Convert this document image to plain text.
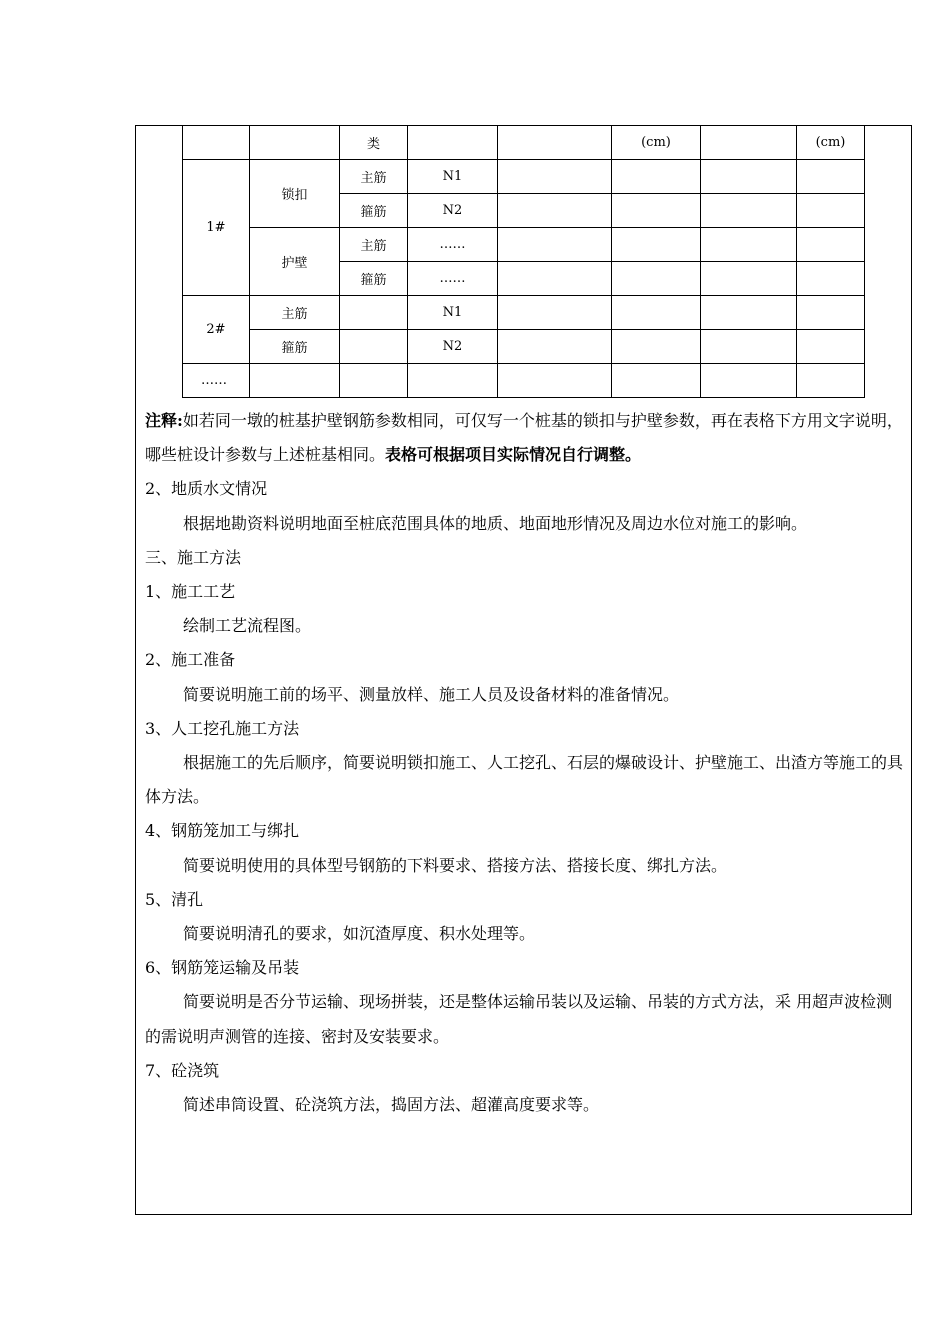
		类			(cm)		(cm)
1#	锁扣	主筋	N1				
		箍筋	N2				
	护壁	主筋	……				
		箍筋	……				
2#	主筋		N1				
	箍筋		N2				
……							

注释:如若同一墩的桩基护壁钢筋参数相同，可仅写一个桩基的锁扣与护壁参数，再在表格下方用文字说明，哪些桩设计参数与上述桩基相同。表格可根据项目实际情况自行调整。

2、地质水文情况

根据地勘资料说明地面至桩底范围具体的地质、地面地形情况及周边水位对施工的影响。

三、施工方法

1、施工工艺

绘制工艺流程图。

2、施工准备

简要说明施工前的场平、测量放样、施工人员及设备材料的准备情况。

3、人工挖孔施工方法

根据施工的先后顺序，简要说明锁扣施工、人工挖孔、石层的爆破设计、护壁施工、出渣方等施工的具体方法。

4、钢筋笼加工与绑扎

简要说明使用的具体型号钢筋的下料要求、搭接方法、搭接长度、绑扎方法。

5、清孔

简要说明清孔的要求，如沉渣厚度、积水处理等。

6、钢筋笼运输及吊装

简要说明是否分节运输、现场拼装，还是整体运输吊装以及运输、吊装的方式方法，采 用超声波检测的需说明声测管的连接、密封及安装要求。

7、砼浇筑

简述串筒设置、砼浇筑方法，捣固方法、超灌高度要求等。
